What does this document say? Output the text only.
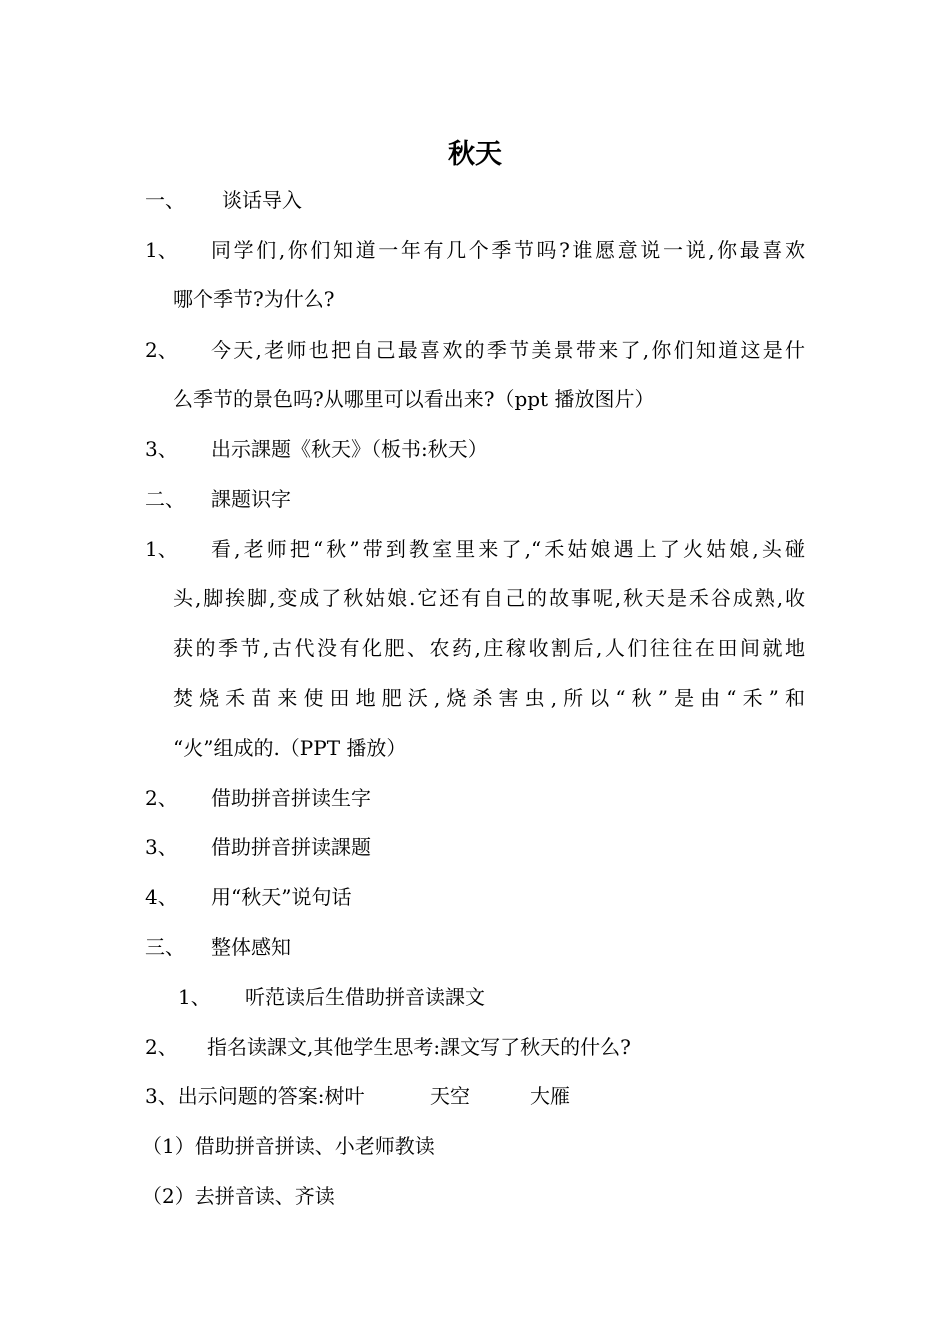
秋天
一、 谈话导入
1、 同学们,你们知道一年有几个季节吗?谁愿意说一说,你最喜欢
哪个季节?为什么?
2、 今天,老师也把自己最喜欢的季节美景带来了,你们知道这是什
么季节的景色吗?从哪里可以看出来?（ppt 播放图片）
3、 出示課题《秋天》（板书:秋天）
二、 課题识字
1、 看,老师把“秋”带到教室里来了,“禾姑娘遇上了火姑娘,头碰
头,脚挨脚,变成了秋姑娘.它还有自己的故事呢,秋天是禾谷成熟,收
获的季节,古代没有化肥、农药,庄稼收割后,人们往往在田间就地
焚烧禾苗来使田地肥沃,烧杀害虫,所以“秋”是由“禾”和
“火”组成的.（PPT 播放）
2、 借助拼音拼读生字
3、 借助拼音拼读課题
4、 用“秋天”说句话
三、 整体感知
1、 听范读后生借助拼音读課文
2、 指名读課文,其他学生思考:課文写了秋天的什么?
3、出示问题的答案:树叶	天空	大雁
（1）借助拼音拼读、小老师教读
（2）去拼音读、齐读
